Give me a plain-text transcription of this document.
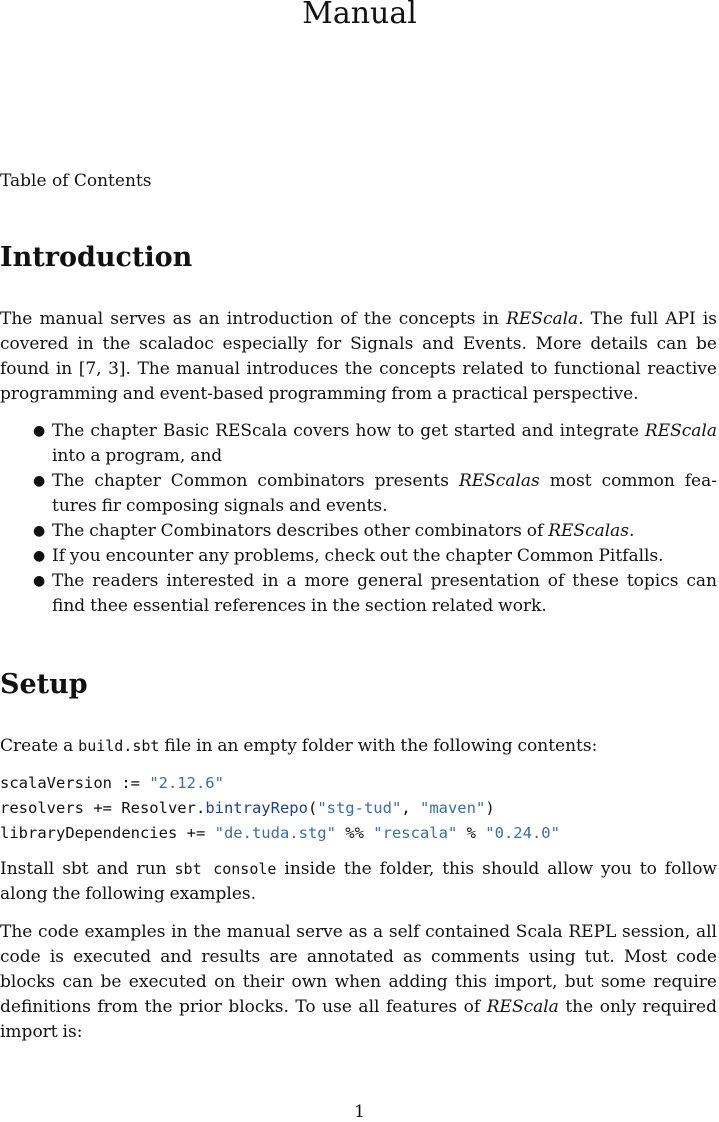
Manual

Table of Contents

Introduction

The manual serves as an introduction of the concepts in REScala. The full API is covered in the scaladoc especially for Signals and Events. More details can be found in [7, 3]. The manual introduces the concepts related to functional reactive programming and event-based programming from a practical perspective.

● The chapter Basic REScala covers how to get started and integrate REScala into a program, and
● The chapter Common combinators presents REScalas most common fea-tures fir composing signals and events.
● The chapter Combinators describes other combinators of REScalas.
● If you encounter any problems, check out the chapter Common Pitfalls.
● The readers interested in a more general presentation of these topics can find thee essential references in the section related work.
Setup

Create a build.sbt file in an empty folder with the following contents:

scalaVersion := "2.12.6"
resolvers += Resolver.bintrayRepo("stg-tud", "maven")
libraryDependencies += "de.tuda.stg" %% "rescala" % "0.24.0"

Install sbt and run sbt console inside the folder, this should allow you to follow along the following examples.

The code examples in the manual serve as a self contained Scala REPL session, all code is executed and results are annotated as comments using tut. Most code blocks can be executed on their own when adding this import, but some require definitions from the prior blocks. To use all features of REScala the only required import is:

1
